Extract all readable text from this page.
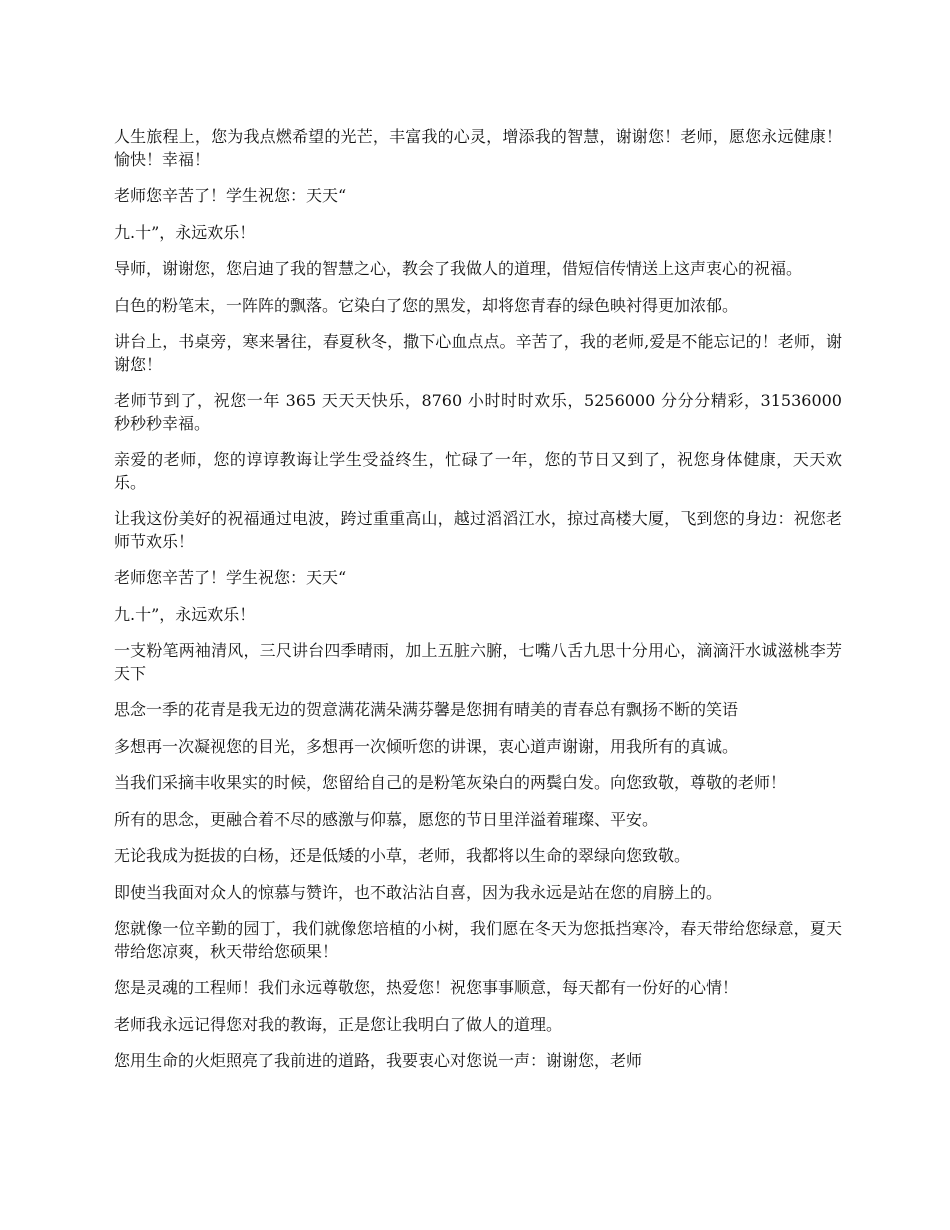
人生旅程上，您为我点燃希望的光芒，丰富我的心灵，增添我的智慧，谢谢您！老师，愿您永远健康！愉快！幸福！

老师您辛苦了！学生祝您：天天“

九.十”，永远欢乐！

导师，谢谢您，您启迪了我的智慧之心，教会了我做人的道理，借短信传情送上这声衷心的祝福。

白色的粉笔末，一阵阵的飘落。它染白了您的黑发，却将您青春的绿色映衬得更加浓郁。

讲台上，书桌旁，寒来暑往，春夏秋冬，撒下心血点点。辛苦了，我的老师,爱是不能忘记的！老师，谢谢您！

老师节到了，祝您一年 365 天天天快乐，8760 小时时时欢乐，5256000 分分分精彩，31536000 秒秒秒幸福。

亲爱的老师，您的谆谆教诲让学生受益终生，忙碌了一年，您的节日又到了，祝您身体健康，天天欢乐。

让我这份美好的祝福通过电波，跨过重重高山，越过滔滔江水，掠过高楼大厦，飞到您的身边：祝您老师节欢乐！

老师您辛苦了！学生祝您：天天“

九.十”，永远欢乐！

一支粉笔两袖清风，三尺讲台四季晴雨，加上五脏六腑，七嘴八舌九思十分用心，滴滴汗水诚滋桃李芳天下

思念一季的花青是我无边的贺意满花满朵满芬馨是您拥有晴美的青春总有飘扬不断的笑语

多想再一次凝视您的目光，多想再一次倾听您的讲课，衷心道声谢谢，用我所有的真诚。

当我们采摘丰收果实的时候，您留给自己的是粉笔灰染白的两鬓白发。向您致敬，尊敬的老师！

所有的思念，更融合着不尽的感激与仰慕，愿您的节日里洋溢着璀璨、平安。

无论我成为挺拔的白杨，还是低矮的小草，老师，我都将以生命的翠绿向您致敬。

即使当我面对众人的惊慕与赞许，也不敢沾沾自喜，因为我永远是站在您的肩膀上的。

您就像一位辛勤的园丁，我们就像您培植的小树，我们愿在冬天为您抵挡寒冷，春天带给您绿意，夏天带给您凉爽，秋天带给您硕果！

您是灵魂的工程师！我们永远尊敬您，热爱您！祝您事事顺意，每天都有一份好的心情！

老师我永远记得您对我的教诲，正是您让我明白了做人的道理。

您用生命的火炬照亮了我前进的道路，我要衷心对您说一声：谢谢您，老师
